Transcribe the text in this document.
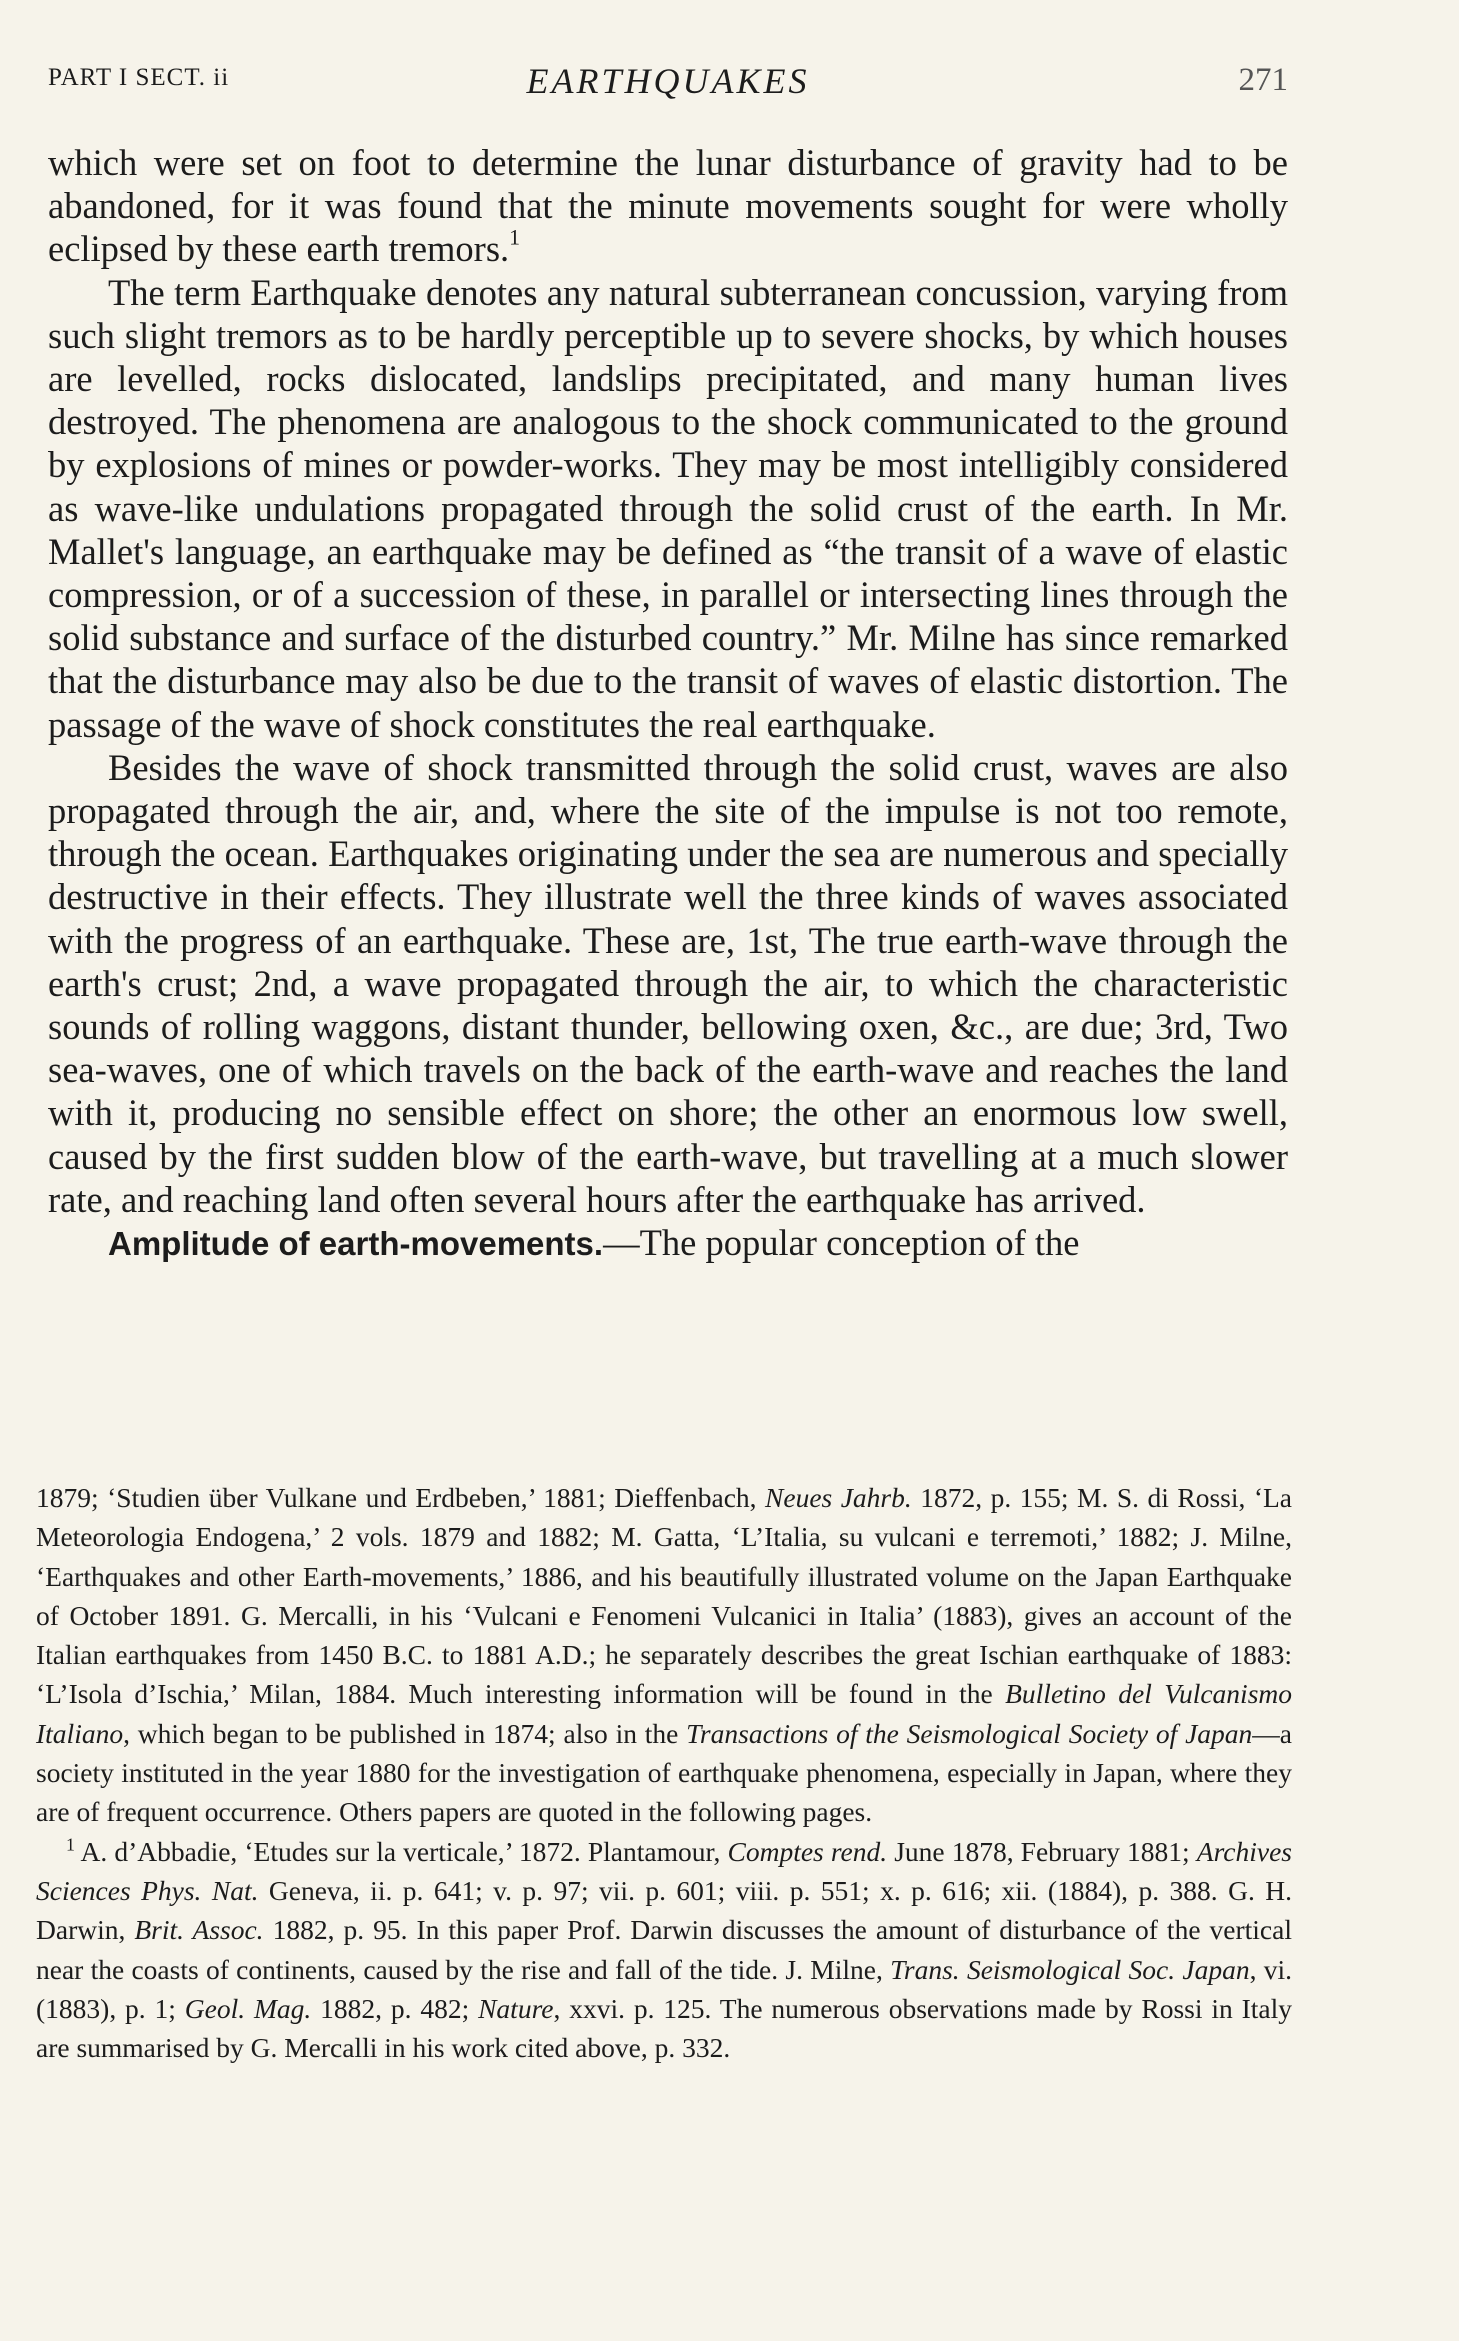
PART I SECT. ii	EARTHQUAKES	271

which were set on foot to determine the lunar disturbance of gravity had to be abandoned, for it was found that the minute movements sought for were wholly eclipsed by these earth tremors.$^1$

The term Earthquake denotes any natural subterranean concussion, varying from such slight tremors as to be hardly perceptible up to severe shocks, by which houses are levelled, rocks dislocated, landslips precipitated, and many human lives destroyed. The phenomena are analogous to the shock communicated to the ground by explosions of mines or powder-works. They may be most intelligibly considered as wave-like undulations propagated through the solid crust of the earth. In Mr. Mallet's language, an earthquake may be defined as “the transit of a wave of elastic compression, or of a succession of these, in parallel or intersecting lines through the solid substance and surface of the disturbed country.” Mr. Milne has since remarked that the disturbance may also be due to the transit of waves of elastic distortion. The passage of the wave of shock constitutes the real earthquake.

Besides the wave of shock transmitted through the solid crust, waves are also propagated through the air, and, where the site of the impulse is not too remote, through the ocean. Earthquakes originating under the sea are numerous and specially destructive in their effects. They illustrate well the three kinds of waves associated with the progress of an earthquake. These are, 1st, The true earth-wave through the earth's crust; 2nd, a wave propagated through the air, to which the characteristic sounds of rolling waggons, distant thunder, bellowing oxen, &c., are due; 3rd, Two sea-waves, one of which travels on the back of the earth-wave and reaches the land with it, producing no sensible effect on shore; the other an enormous low swell, caused by the first sudden blow of the earth-wave, but travelling at a much slower rate, and reaching land often several hours after the earthquake has arrived.

Amplitude of earth-movements.—The popular conception of the

1879; ‘Studien über Vulkane und Erdbeben,’ 1881; Dieffenbach, Neues Jahrb. 1872, p. 155; M. S. di Rossi, ‘La Meteorologia Endogena,’ 2 vols. 1879 and 1882; M. Gatta, ‘L’Italia, su vulcani e terremoti,’ 1882; J. Milne, ‘Earthquakes and other Earth-movements,’ 1886, and his beautifully illustrated volume on the Japan Earthquake of October 1891. G. Mercalli, in his ‘Vulcani e Fenomeni Vulcanici in Italia’ (1883), gives an account of the Italian earthquakes from 1450 B.C. to 1881 A.D.; he separately describes the great Ischian earthquake of 1883: ‘L’Isola d’Ischia,’ Milan, 1884. Much interesting information will be found in the Bulletino del Vulcanismo Italiano, which began to be published in 1874; also in the Transactions of the Seismological Society of Japan—a society instituted in the year 1880 for the investigation of earthquake phenomena, especially in Japan, where they are of frequent occurrence. Others papers are quoted in the following pages.

$^1$ A. d’Abbadie, ‘Etudes sur la verticale,’ 1872. Plantamour, Comptes rend. June 1878, February 1881; Archives Sciences Phys. Nat. Geneva, ii. p. 641; v. p. 97; vii. p. 601; viii. p. 551; x. p. 616; xii. (1884), p. 388. G. H. Darwin, Brit. Assoc. 1882, p. 95. In this paper Prof. Darwin discusses the amount of disturbance of the vertical near the coasts of continents, caused by the rise and fall of the tide. J. Milne, Trans. Seismological Soc. Japan, vi. (1883), p. 1; Geol. Mag. 1882, p. 482; Nature, xxvi. p. 125. The numerous observations made by Rossi in Italy are summarised by G. Mercalli in his work cited above, p. 332.
